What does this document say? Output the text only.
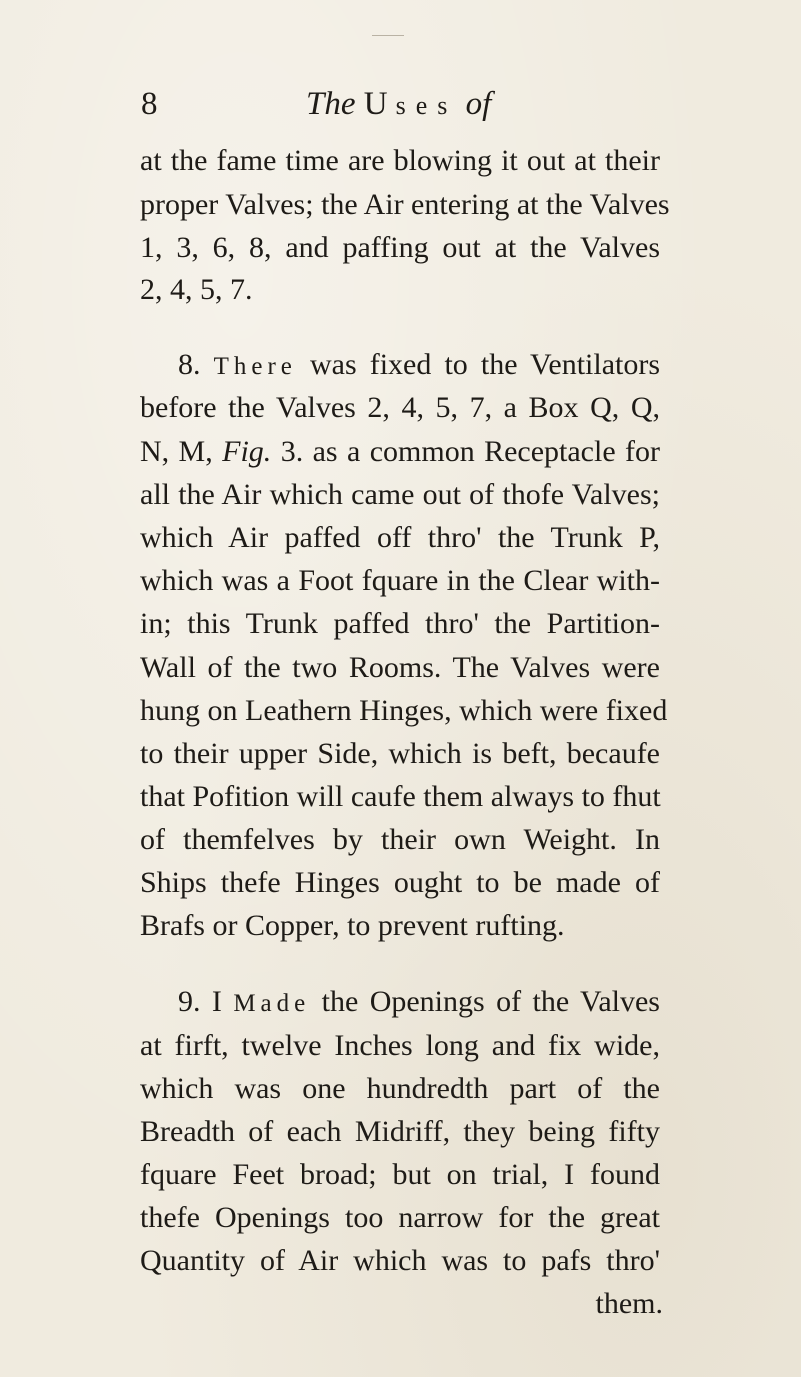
8	The Uses of
at the fame time are blowing it out at their
proper Valves; the Air entering at the Valves
1, 3, 6, 8, and paffing out at the Valves
2, 4, 5, 7.
8. There was fixed to the Ventilators
before the Valves 2, 4, 5, 7, a Box Q, Q,
N, M, Fig. 3. as a common Receptacle for
all the Air which came out of thofe Valves;
which Air paffed off thro' the Trunk P,
which was a Foot fquare in the Clear with-
in; this Trunk paffed thro' the Partition-
Wall of the two Rooms. The Valves were
hung on Leathern Hinges, which were fixed
to their upper Side, which is beft, becaufe
that Pofition will caufe them always to fhut
of themfelves by their own Weight. In
Ships thefe Hinges ought to be made of
Brafs or Copper, to prevent rufting.
9. I Made the Openings of the Valves
at firft, twelve Inches long and fix wide,
which was one hundredth part of the
Breadth of each Midriff, they being fifty
fquare Feet broad; but on trial, I found
thefe Openings too narrow for the great
Quantity of Air which was to pafs thro'
them.
